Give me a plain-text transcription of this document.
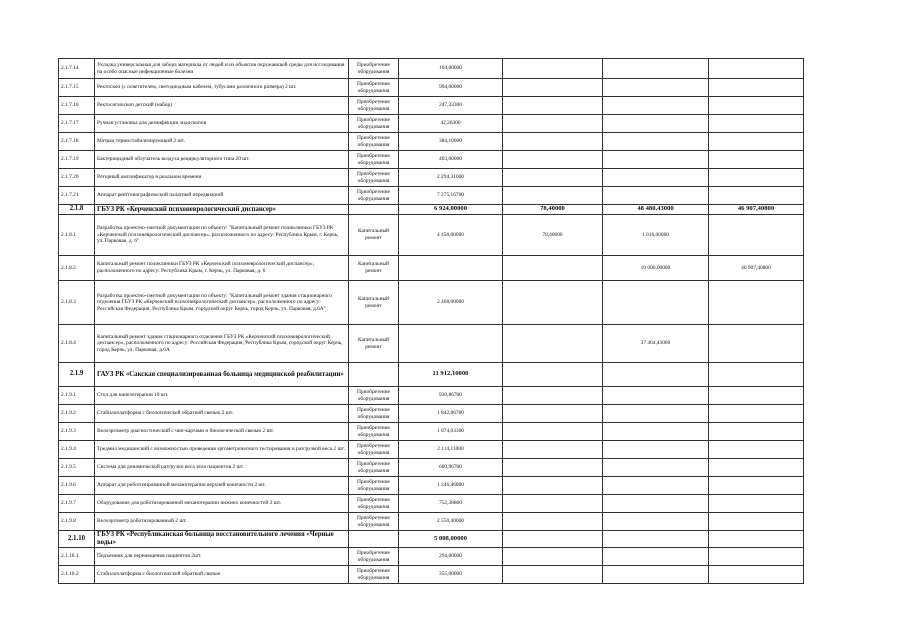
2.1.7.14	Укладка универсальная для забора материала от людей и из объектов окружающей среды для исследования на особо опасные инфекционные болезни	Приобретение оборудования	104,00000			
2.1.7.15	Ректоскоп (с осветителем, светодиодным кабелем, тубусами различного размера) 2 шт.	Приобретение оборудования	994,00000			
2.1.7.16	Ректосигмоскоп детский (набор)	Приобретение оборудования	247,33300			
2.1.7.17	Ручная установка для дезинфекции эндоскопов	Приобретение оборудования	42,26300			
2.1.7.18	Матрац термостабилизирующий 2 шт.	Приобретение оборудования	384,10000			
2.1.7.19	Бактерицидный облучатель воздуха рециркуляторного типа 20 шт.	Приобретение оборудования	403,00000			
2.1.7.20	Роторный амплификатор в реальном времени	Приобретение оборудования	2 294,31000			
2.1.7.21	Аппарат рентгенографический палатный передвижной	Приобретение оборудования	7 275,16700			
2.1.8	ГБУЗ РК «Керченский психоневрологический диспансер»		6 924,00000	78,40000	48 480,43000	46 907,40800
2.1.8.1	Разработка проектно-сметной документации по объекту: "Капитальный ремонт поликлиники ГБУЗ РК «Керченский психоневрологический диспансер», расположенного по адресу: Республика Крым, г. Керчь, ул. Парковая, д. 6"	Капитальный ремонт	4 456,00000	78,40000	1 016,00000	
2.1.8.2	Капитальный ремонт поликлиники ГБУЗ РК «Керченский психоневрологический диспансер», расположенного по адресу: Республика Крым, г. Керчь, ул. Парковая, д. 6	Капитальный ремонт			10 000,00000	46 907,40800
2.1.8.3	Разработка проектно-сметной документации по объекту: "Капитальный ремонт здания стационарного отделения ГБУЗ РК «Керченский психоневрологический диспансер», расположенного по адресу: Российская Федерация, Республика Крым, городской округ Керчь, город Керчь, ул. Парковая, д.6А"	Капитальный ремонт	2 468,00000			
2.1.8.4	Капитальный ремонт здания стационарного отделения ГБУЗ РК «Керченский психоневрологический диспансер», расположенного по адресу: Российская Федерация, Республика Крым, городской округ Керчь, город Керчь, ул. Парковая, д.6А	Капитальный ремонт			37 464,43000	
2.1.9	ГАУЗ РК «Сакская специализированная больница медицинской реабилитации»		11 912,10000			
2.1.9.1	Стол для кинезотерапии 10 шт.	Приобретение оборудования	930,86700			
2.1.9.2	Стабилоплатформа с биологической обратной связью 2 шт.	Приобретение оборудования	1 842,86700			
2.1.9.3	Велоэргометр диагностический с чип-картами и биологической связью 2 шт.	Приобретение оборудования	1 874,03300			
2.1.9.4	Тредмил медицинский с возможностью проведения эргометрического тестирования и разгрузкой веса 2 шт.	Приобретение оборудования	2 114,11000			
2.1.9.5	Система для динамической разгрузки веса тела пациентов 2 шт.	Приобретение оборудования	600,96700			
2.1.9.6	Аппарат для роботизированной механотерапии верхней конечности 2 шт.	Приобретение оборудования	1 246,46800			
2.1.9.7	Оборудование для роботизированной механотерапии нижних конечностей 2 шт.	Приобретение оборудования	752,38800			
2.1.9.8	Велоэргометр роботизированный 2 шт.	Приобретение оборудования	2 550,40000			
2.1.10	ГБУЗ РК «Республиканская больница восстановительного лечения «Черные воды»		5 008,00000			
2.1.10.1	Подъемник для перемещения пациентов 2шт.	Приобретение оборудования	294,00000			
2.1.10.2	Стабилоплатформа с биологической обратной связью	Приобретение оборудования	355,00000			
